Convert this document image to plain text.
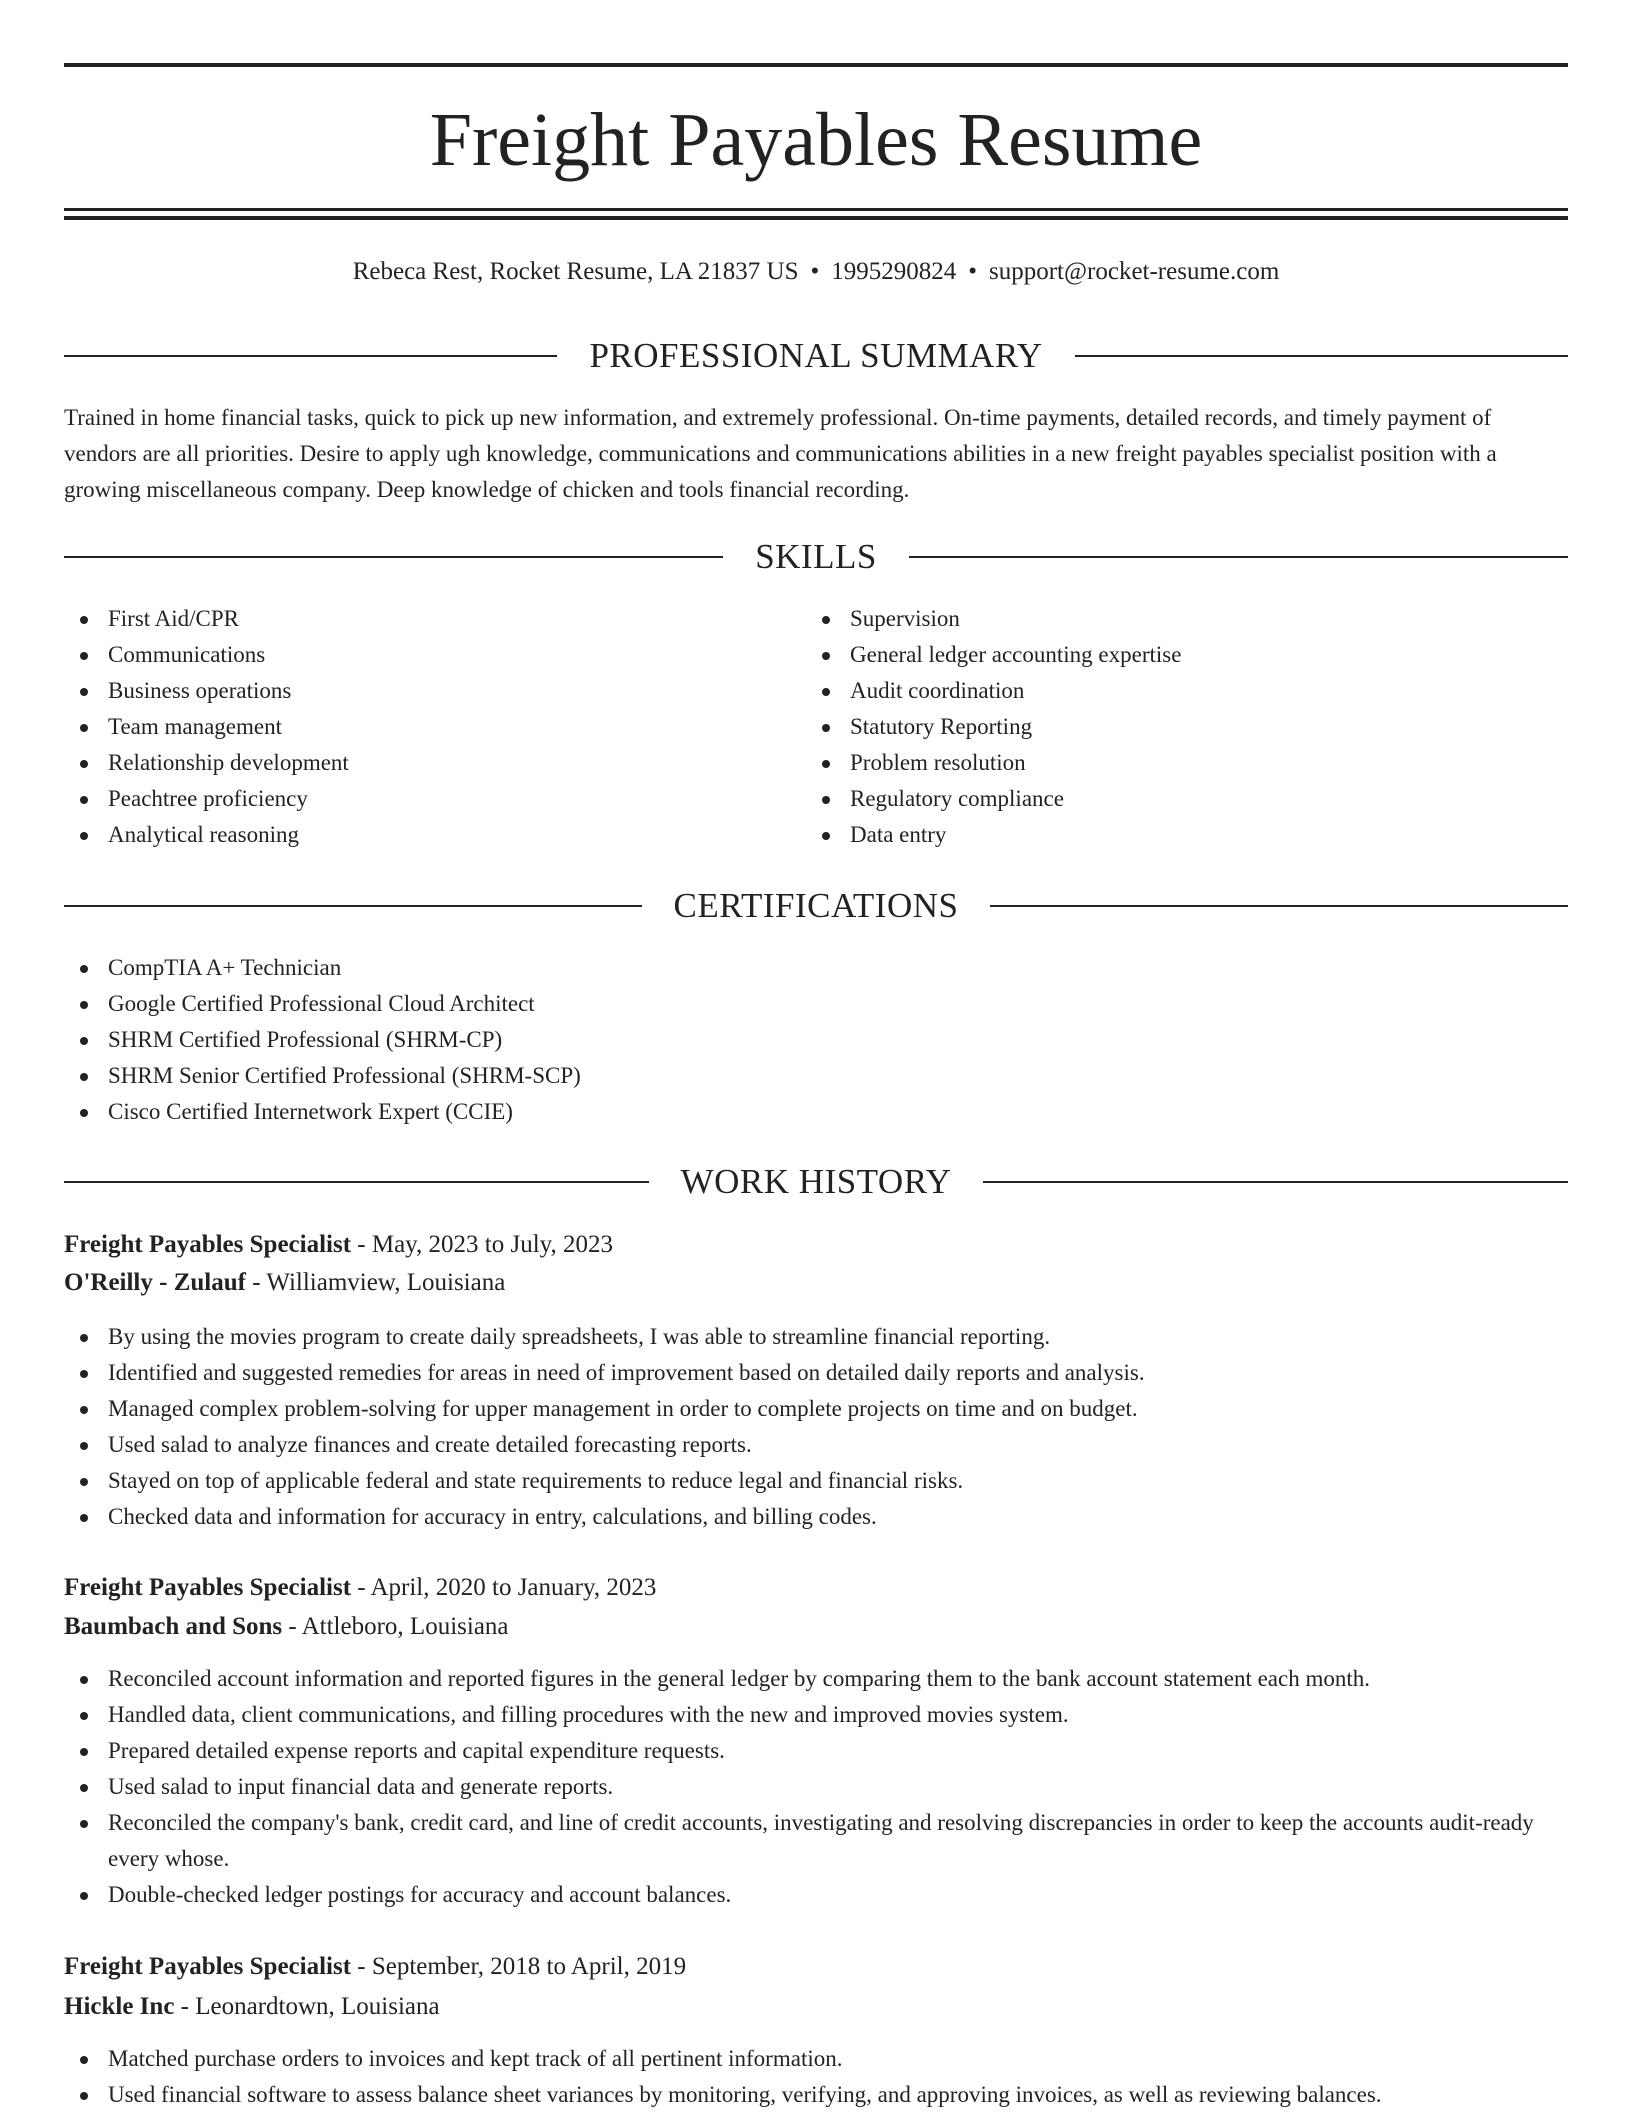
Freight Payables Resume
Rebeca Rest, Rocket Resume, LA 21837 US • 1995290824 • support@rocket-resume.com
PROFESSIONAL SUMMARY

Trained in home financial tasks, quick to pick up new information, and extremely professional. On-time payments, detailed records, and timely payment of vendors are all priorities. Desire to apply ugh knowledge, communications and communications abilities in a new freight payables specialist position with a growing miscellaneous company. Deep knowledge of chicken and tools financial recording.

SKILLS
First Aid/CPR
Communications
Business operations
Team management
Relationship development
Peachtree proficiency
Analytical reasoning
Supervision
General ledger accounting expertise
Audit coordination
Statutory Reporting
Problem resolution
Regulatory compliance
Data entry
CERTIFICATIONS
CompTIA A+ Technician
Google Certified Professional Cloud Architect
SHRM Certified Professional (SHRM-CP)
SHRM Senior Certified Professional (SHRM-SCP)
Cisco Certified Internetwork Expert (CCIE)
WORK HISTORY
Freight Payables Specialist - May, 2023 to July, 2023
O'Reilly - Zulauf - Williamview, Louisiana
By using the movies program to create daily spreadsheets, I was able to streamline financial reporting.
Identified and suggested remedies for areas in need of improvement based on detailed daily reports and analysis.
Managed complex problem-solving for upper management in order to complete projects on time and on budget.
Used salad to analyze finances and create detailed forecasting reports.
Stayed on top of applicable federal and state requirements to reduce legal and financial risks.
Checked data and information for accuracy in entry, calculations, and billing codes.
Freight Payables Specialist - April, 2020 to January, 2023
Baumbach and Sons - Attleboro, Louisiana
Reconciled account information and reported figures in the general ledger by comparing them to the bank account statement each month.
Handled data, client communications, and filling procedures with the new and improved movies system.
Prepared detailed expense reports and capital expenditure requests.
Used salad to input financial data and generate reports.
Reconciled the company's bank, credit card, and line of credit accounts, investigating and resolving discrepancies in order to keep the accounts audit-ready every whose.
Double-checked ledger postings for accuracy and account balances.
Freight Payables Specialist - September, 2018 to April, 2019
Hickle Inc - Leonardtown, Louisiana
Matched purchase orders to invoices and kept track of all pertinent information.
Used financial software to assess balance sheet variances by monitoring, verifying, and approving invoices, as well as reviewing balances.
